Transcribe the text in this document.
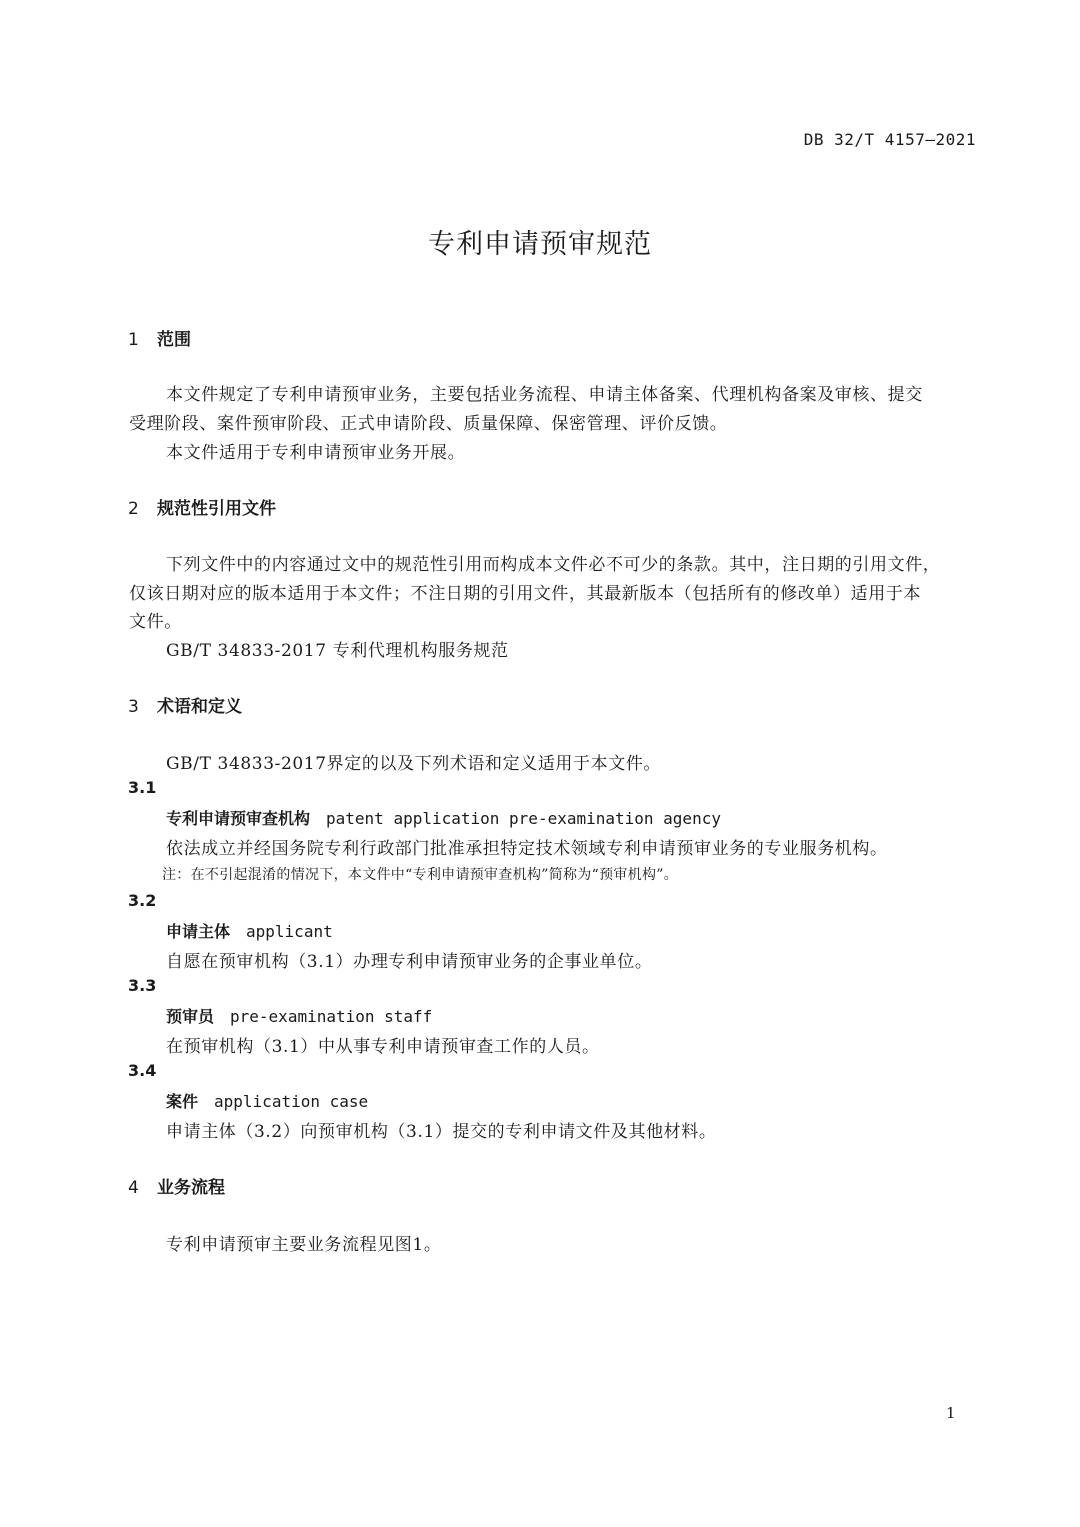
DB 32/T 4157—2021
专利申请预审规范
1 范围
本文件规定了专利申请预审业务，主要包括业务流程、申请主体备案、代理机构备案及审核、提交
受理阶段、案件预审阶段、正式申请阶段、质量保障、保密管理、评价反馈。
本文件适用于专利申请预审业务开展。
2 规范性引用文件
下列文件中的内容通过文中的规范性引用而构成本文件必不可少的条款。其中，注日期的引用文件，
仅该日期对应的版本适用于本文件；不注日期的引用文件，其最新版本（包括所有的修改单）适用于本
文件。
GB/T 34833-2017 专利代理机构服务规范
3 术语和定义
GB/T 34833-2017界定的以及下列术语和定义适用于本文件。
3.1
专利申请预审查机构 patent application pre-examination agency
依法成立并经国务院专利行政部门批准承担特定技术领域专利申请预审业务的专业服务机构。
注：在不引起混淆的情况下，本文件中“专利申请预审查机构”简称为“预审机构”。
3.2
申请主体 applicant
自愿在预审机构（3.1）办理专利申请预审业务的企事业单位。
3.3
预审员 pre-examination staff
在预审机构（3.1）中从事专利申请预审查工作的人员。
3.4
案件 application case
申请主体（3.2）向预审机构（3.1）提交的专利申请文件及其他材料。
4 业务流程
专利申请预审主要业务流程见图1。
1
